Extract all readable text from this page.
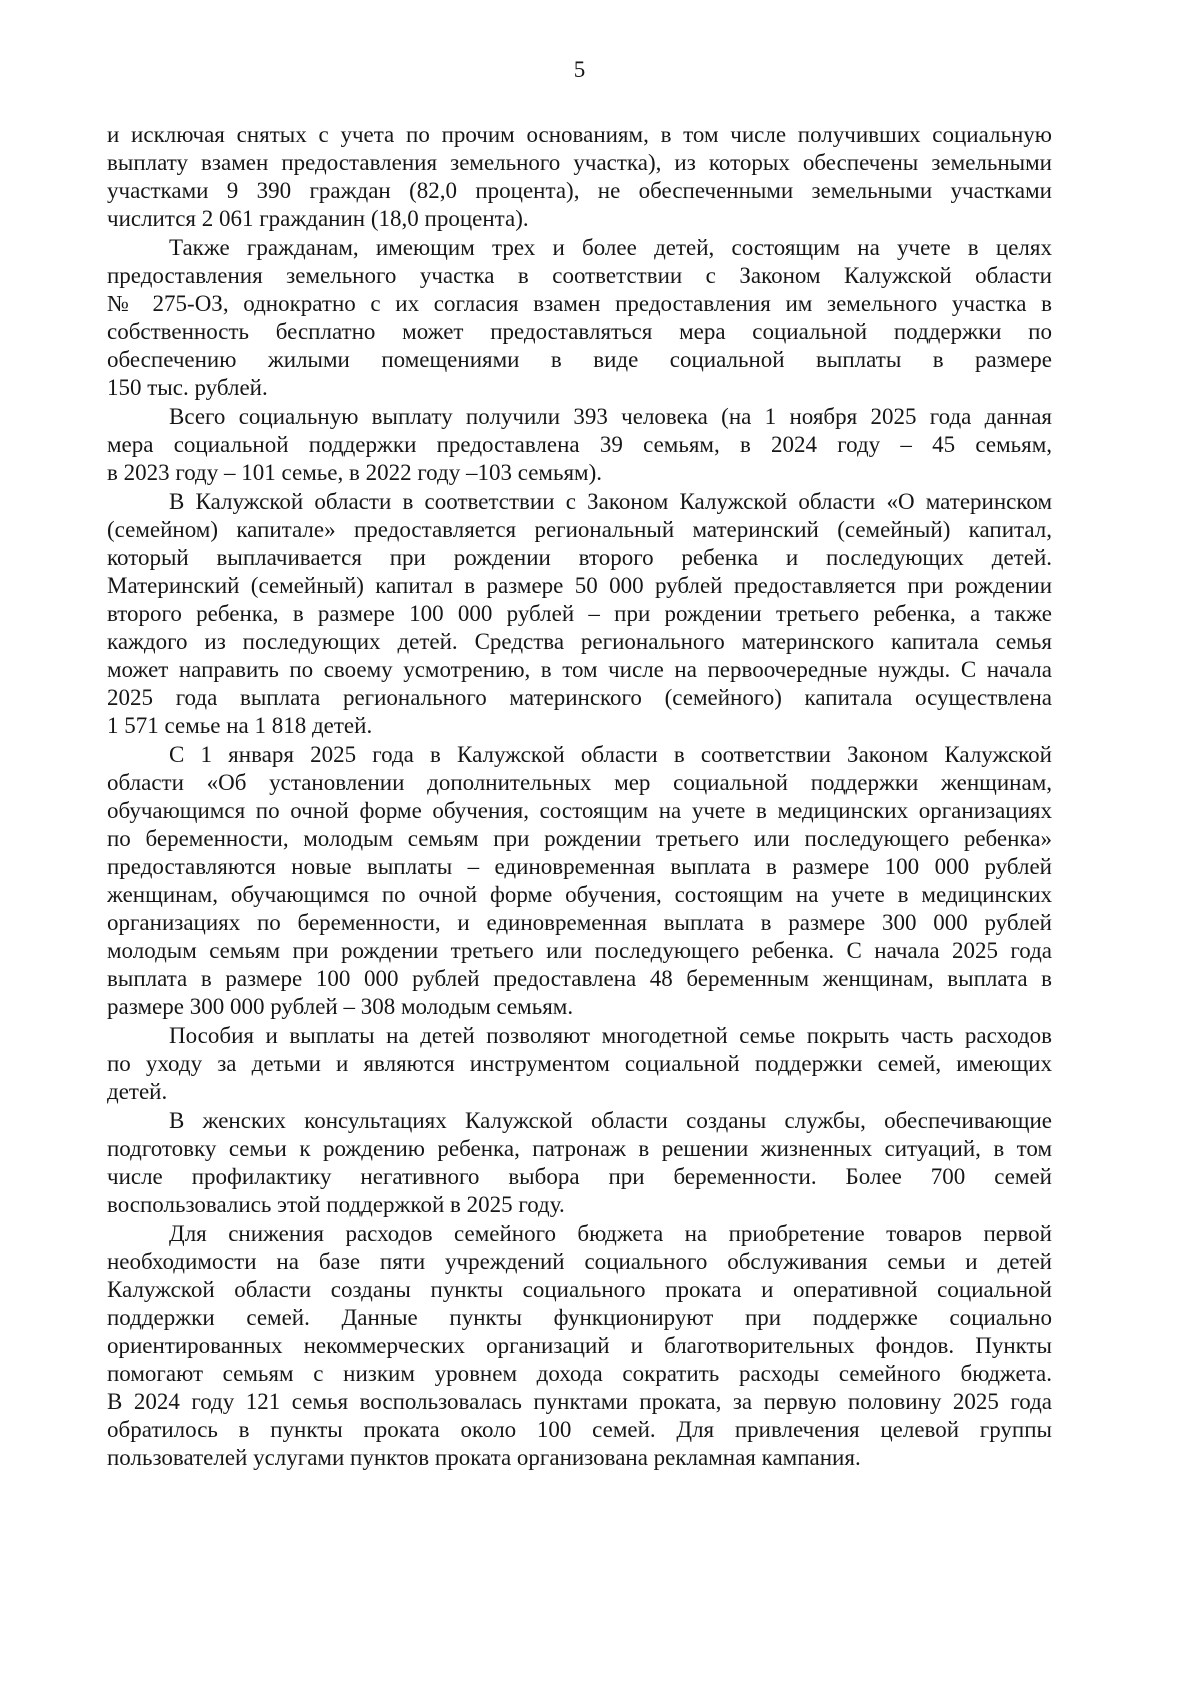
5
и исключая снятых с учета по прочим основаниям, в том числе получивших социальную
выплату взамен предоставления земельного участка), из которых обеспечены земельными
участками 9 390 граждан (82,0 процента), не обеспеченными земельными участками
числится 2 061 гражданин (18,0 процента).
Также гражданам, имеющим трех и более детей, состоящим на учете в целях
предоставления земельного участка в соответствии с Законом Калужской области
№ 275-ОЗ, однократно с их согласия взамен предоставления им земельного участка в
собственность бесплатно может предоставляться мера социальной поддержки по
обеспечению жилыми помещениями в виде социальной выплаты в размере
150 тыс. рублей.
Всего социальную выплату получили 393 человека (на 1 ноября 2025 года данная
мера социальной поддержки предоставлена 39 семьям, в 2024 году – 45 семьям,
в 2023 году – 101 семье, в 2022 году –103 семьям).
В Калужской области в соответствии с Законом Калужской области «О материнском
(семейном) капитале» предоставляется региональный материнский (семейный) капитал,
который выплачивается при рождении второго ребенка и последующих детей.
Материнский (семейный) капитал в размере 50 000 рублей предоставляется при рождении
второго ребенка, в размере 100 000 рублей – при рождении третьего ребенка, а также
каждого из последующих детей. Средства регионального материнского капитала семья
может направить по своему усмотрению, в том числе на первоочередные нужды. С начала
2025 года выплата регионального материнского (семейного) капитала осуществлена
1 571 семье на 1 818 детей.
С 1 января 2025 года в Калужской области в соответствии Законом Калужской
области «Об установлении дополнительных мер социальной поддержки женщинам,
обучающимся по очной форме обучения, состоящим на учете в медицинских организациях
по беременности, молодым семьям при рождении третьего или последующего ребенка»
предоставляются новые выплаты – единовременная выплата в размере 100 000 рублей
женщинам, обучающимся по очной форме обучения, состоящим на учете в медицинских
организациях по беременности, и единовременная выплата в размере 300 000 рублей
молодым семьям при рождении третьего или последующего ребенка. С начала 2025 года
выплата в размере 100 000 рублей предоставлена 48 беременным женщинам, выплата в
размере 300 000 рублей – 308 молодым семьям.
Пособия и выплаты на детей позволяют многодетной семье покрыть часть расходов
по уходу за детьми и являются инструментом социальной поддержки семей, имеющих
детей.
В женских консультациях Калужской области созданы службы, обеспечивающие
подготовку семьи к рождению ребенка, патронаж в решении жизненных ситуаций, в том
числе профилактику негативного выбора при беременности. Более 700 семей
воспользовались этой поддержкой в 2025 году.
Для снижения расходов семейного бюджета на приобретение товаров первой
необходимости на базе пяти учреждений социального обслуживания семьи и детей
Калужской области созданы пункты социального проката и оперативной социальной
поддержки семей. Данные пункты функционируют при поддержке социально
ориентированных некоммерческих организаций и благотворительных фондов. Пункты
помогают семьям с низким уровнем дохода сократить расходы семейного бюджета.
В 2024 году 121 семья воспользовалась пунктами проката, за первую половину 2025 года
обратилось в пункты проката около 100 семей. Для привлечения целевой группы
пользователей услугами пунктов проката организована рекламная кампания.
